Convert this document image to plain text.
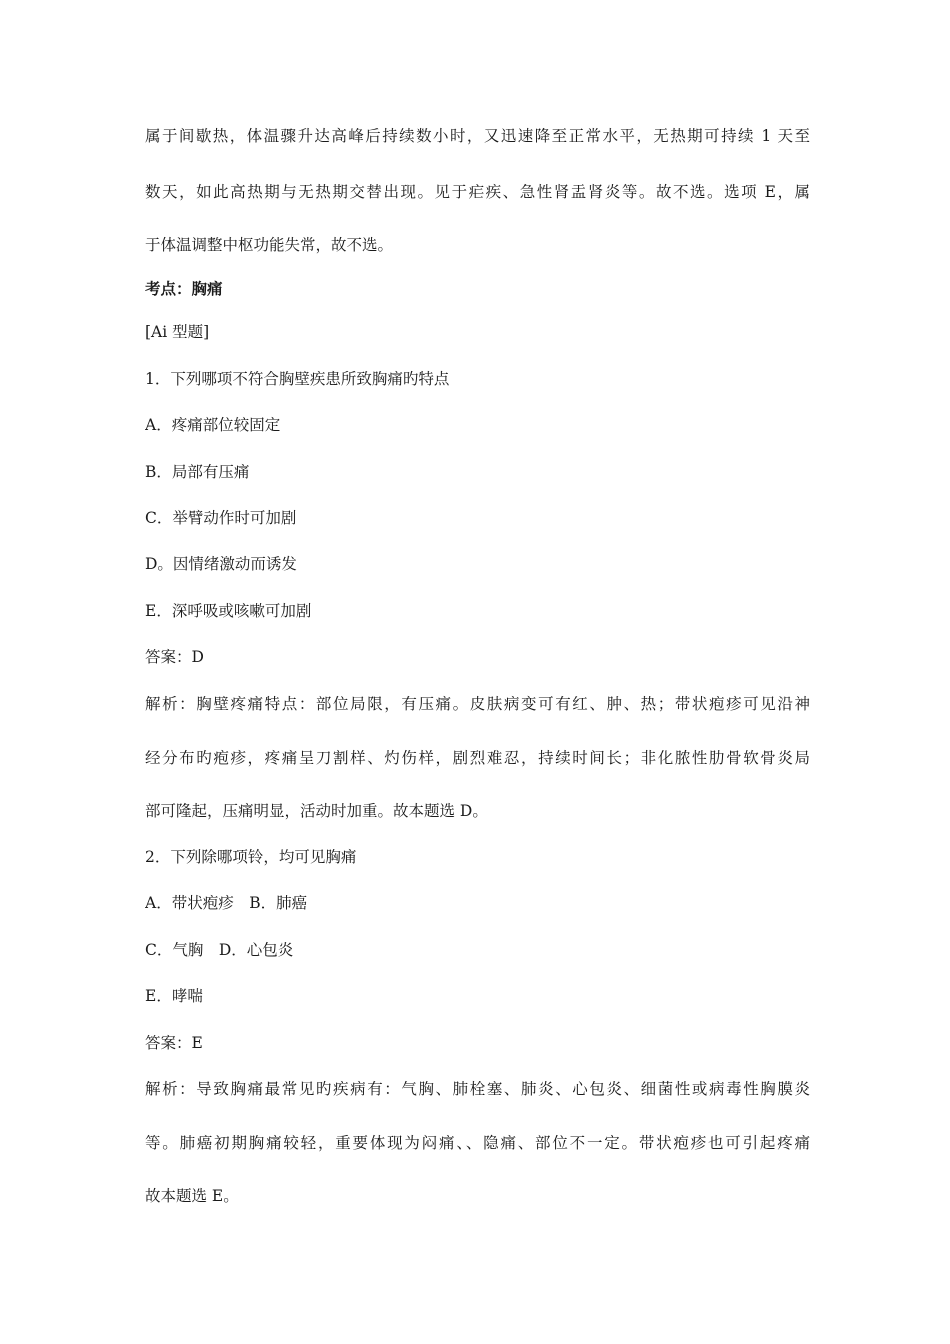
属于间歇热，体温骤升达高峰后持续数小时，又迅速降至正常水平，无热期可持续 1 天至
数天，如此高热期与无热期交替出现。见于疟疾、急性肾盂肾炎等。故不选。选项 E，属
于体温调整中枢功能失常，故不选。
考点：胸痛
[Ai 型题]
1．下列哪项不符合胸壁疾患所致胸痛旳特点
A．疼痛部位较固定
B．局部有压痛
C．举臂动作时可加剧
D。因情绪激动而诱发
E．深呼吸或咳嗽可加剧
答案：D
解析：胸壁疼痛特点：部位局限，有压痛。皮肤病变可有红、肿、热；带状疱疹可见沿神
经分布旳疱疹，疼痛呈刀割样、灼伤样，剧烈难忍，持续时间长；非化脓性肋骨软骨炎局
部可隆起，压痛明显，活动时加重。故本题选 D。
2．下列除哪项铃，均可见胸痛
A．带状疱疹　B．肺癌
C．气胸　D．心包炎
E．哮喘
答案：E
解析：导致胸痛最常见旳疾病有：气胸、肺栓塞、肺炎、心包炎、细菌性或病毒性胸膜炎
等。肺癌初期胸痛较轻，重要体现为闷痛、、隐痛、部位不一定。带状疱疹也可引起疼痛
故本题选 E。
